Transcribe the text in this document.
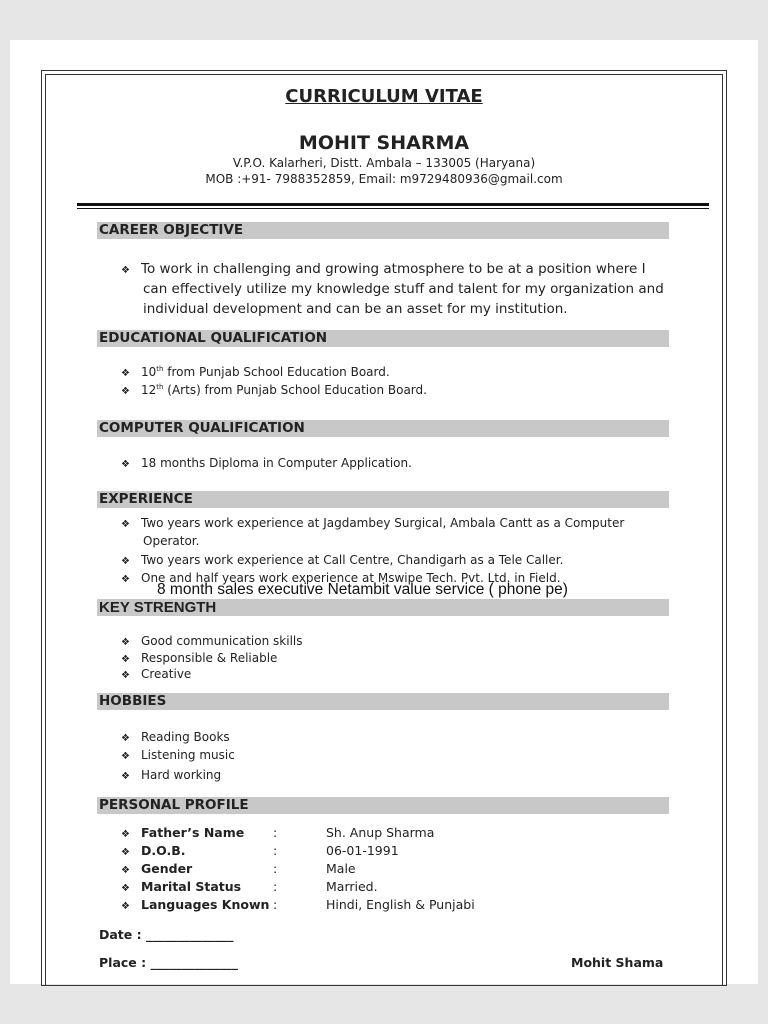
CURRICULUM VITAE
MOHIT SHARMA
V.P.O. Kalarheri, Distt. Ambala – 133005 (Haryana)
MOB :+91- 7988352859, Email: m9729480936@gmail.com
CAREER OBJECTIVE
❖ To work in challenging and growing atmosphere to be at a position where I
can effectively utilize my knowledge stuff and talent for my organization and
individual development and can be an asset for my institution.
EDUCATIONAL QUALIFICATION
❖ 10th from Punjab School Education Board.
❖ 12th (Arts) from Punjab School Education Board.
COMPUTER QUALIFICATION
❖ 18 months Diploma in Computer Application.
EXPERIENCE
❖ Two years work experience at Jagdambey Surgical, Ambala Cantt as a Computer
Operator.
❖ Two years work experience at Call Centre, Chandigarh as a Tele Caller.
❖ One and half years work experience at Mswipe Tech. Pvt. Ltd. in Field.
KEY STRENGTH
8 month sales executive Netambit value service ( phone pe)
❖ Good communication skills
❖ Responsible & Reliable
❖ Creative
HOBBIES
❖ Reading Books
❖ Listening music
❖ Hard working
PERSONAL PROFILE
❖ Father’s Name :	Sh. Anup Sharma
❖ D.O.B.	:	06-01-1991
❖ Gender	:	Male
❖ Marital Status	:	Married.
❖ Languages Known :	Hindi, English & Punjabi
Date : ______________
Place : ______________	Mohit Shama
